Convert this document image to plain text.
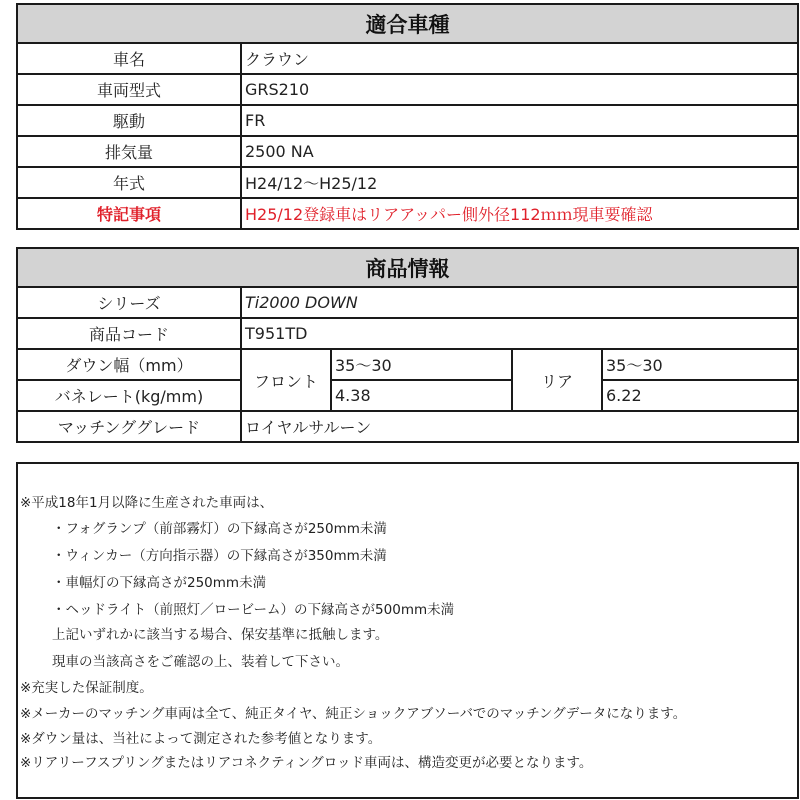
適合車種	
車名	クラウン
車両型式	GRS210
駆動	FR
排気量	2500 NA
年式	H24/12～H25/12
特記事項	H25/12登録車はリアアッパー側外径112ｍｍ現車要確認
商品情報				
シリーズ	Ti2000 DOWN			
商品コード	T951TD			
ダウン幅（mm）	フロント	35～30	リア	35～30
バネレート(kg/mm)		4.38		6.22
マッチンググレード	ロイヤルサルーン			
※平成18年1月以降に生産された車両は、
・フォグランプ（前部霧灯）の下縁高さが250mm未満
・ウィンカー（方向指示器）の下縁高さが350mm未満
・車幅灯の下縁高さが250mm未満
・ヘッドライト（前照灯／ロービーム）の下縁高さが500mm未満
上記いずれかに該当する場合、保安基準に抵触します。
現車の当該高さをご確認の上、装着して下さい。
※充実した保証制度。
※メーカーのマッチング車両は全て、純正タイヤ、純正ショックアブソーバでのマッチングデータになります。
※ダウン量は、当社によって測定された参考値となります。
※リアリーフスプリングまたはリアコネクティングロッド車両は、構造変更が必要となります。
